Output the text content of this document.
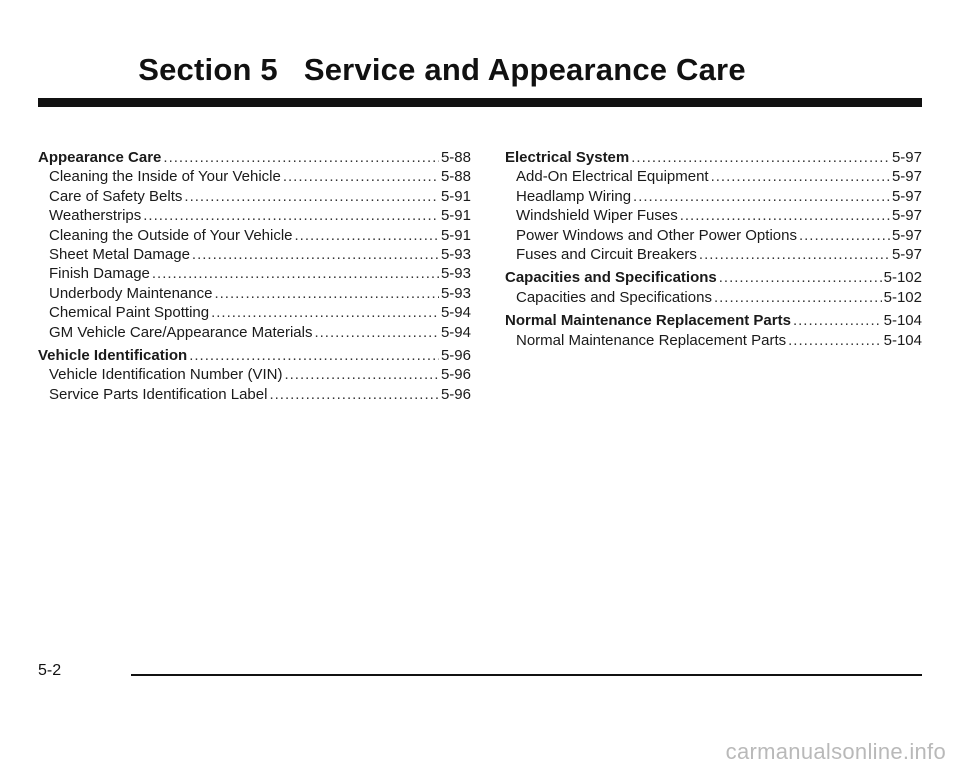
Section 5 Service and Appearance Care
Appearance Care .....	5-88
Cleaning the Inside of Your Vehicle .....	5-88
Care of Safety Belts .....	5-91
Weatherstrips .....	5-91
Cleaning the Outside of Your Vehicle .....	5-91
Sheet Metal Damage .....	5-93
Finish Damage .....	5-93
Underbody Maintenance .....	5-93
Chemical Paint Spotting .....	5-94
GM Vehicle Care/Appearance Materials .....	5-94
Vehicle Identification .....	5-96
Vehicle Identification Number (VIN) .....	5-96
Service Parts Identification Label .....	5-96
Electrical System .....	5-97
Add-On Electrical Equipment .....	5-97
Headlamp Wiring .....	5-97
Windshield Wiper Fuses .....	5-97
Power Windows and Other Power Options .....	5-97
Fuses and Circuit Breakers .....	5-97
Capacities and Specifications .....	5-102
Capacities and Specifications .....	5-102
Normal Maintenance Replacement Parts .....	5-104
Normal Maintenance Replacement Parts .....	5-104
5-2
carmanualsonline.info
